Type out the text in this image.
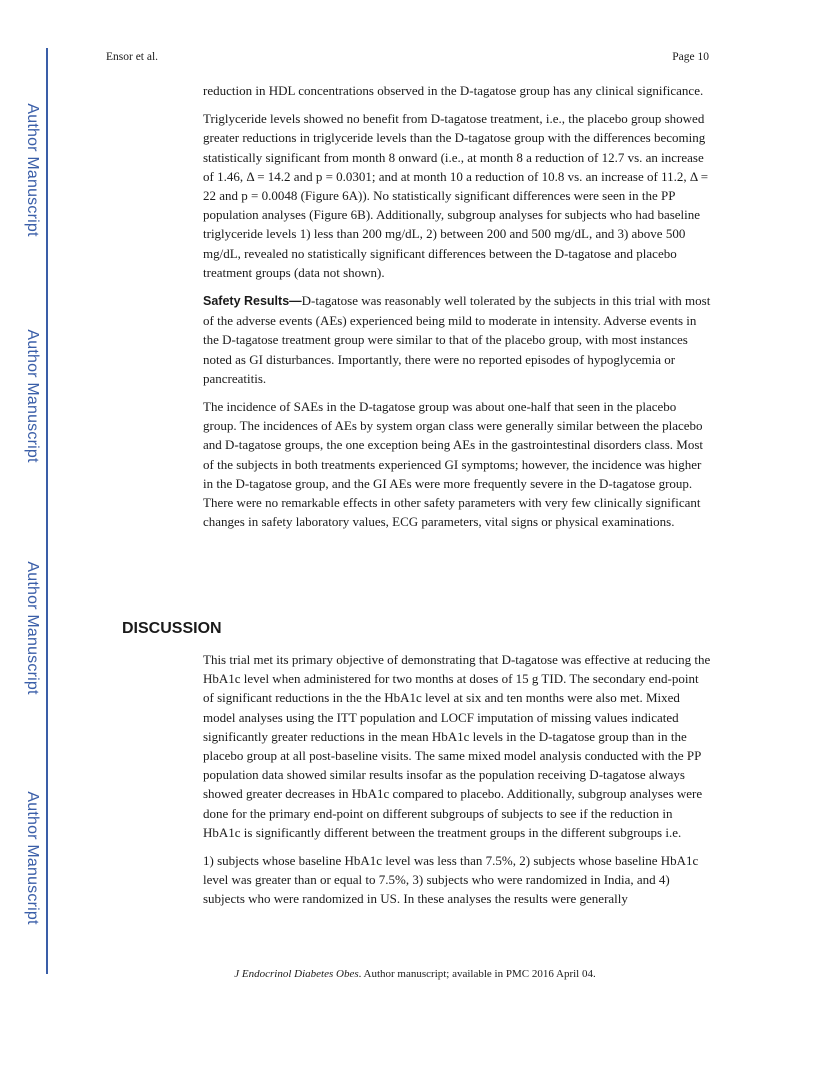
Ensor et al.	Page 10
Author Manuscript
Author Manuscript
Author Manuscript
Author Manuscript

reduction in HDL concentrations observed in the D-tagatose group has any clinical significance.

Triglyceride levels showed no benefit from D-tagatose treatment, i.e., the placebo group showed greater reductions in triglyceride levels than the D-tagatose group with the differences becoming statistically significant from month 8 onward (i.e., at month 8 a reduction of 12.7 vs. an increase of 1.46, Δ = 14.2 and p = 0.0301; and at month 10 a reduction of 10.8 vs. an increase of 11.2, Δ = 22 and p = 0.0048 (Figure 6A)). No statistically significant differences were seen in the PP population analyses (Figure 6B). Additionally, subgroup analyses for subjects who had baseline triglyceride levels 1) less than 200 mg/dL, 2) between 200 and 500 mg/dL, and 3) above 500 mg/dL, revealed no statistically significant differences between the D-tagatose and placebo treatment groups (data not shown).

Safety Results—D-tagatose was reasonably well tolerated by the subjects in this trial with most of the adverse events (AEs) experienced being mild to moderate in intensity. Adverse events in the D-tagatose treatment group were similar to that of the placebo group, with most instances noted as GI disturbances. Importantly, there were no reported episodes of hypoglycemia or pancreatitis.

The incidence of SAEs in the D-tagatose group was about one-half that seen in the placebo group. The incidences of AEs by system organ class were generally similar between the placebo and D-tagatose groups, the one exception being AEs in the gastrointestinal disorders class. Most of the subjects in both treatments experienced GI symptoms; however, the incidence was higher in the D-tagatose group, and the GI AEs were more frequently severe in the D-tagatose group. There were no remarkable effects in other safety parameters with very few clinically significant changes in safety laboratory values, ECG parameters, vital signs or physical examinations.

DISCUSSION

This trial met its primary objective of demonstrating that D-tagatose was effective at reducing the HbA1c level when administered for two months at doses of 15 g TID. The secondary end-point of significant reductions in the the HbA1c level at six and ten months were also met. Mixed model analyses using the ITT population and LOCF imputation of missing values indicated significantly greater reductions in the mean HbA1c levels in the D-tagatose group than in the placebo group at all post-baseline visits. The same mixed model analysis conducted with the PP population data showed similar results insofar as the population receiving D-tagatose always showed greater decreases in HbA1c compared to placebo. Additionally, subgroup analyses were done for the primary end-point on different subgroups of subjects to see if the reduction in HbA1c is significantly different between the treatment groups in the different subgroups i.e.

1) subjects whose baseline HbA1c level was less than 7.5%, 2) subjects whose baseline HbA1c level was greater than or equal to 7.5%, 3) subjects who were randomized in India, and 4) subjects who were randomized in US. In these analyses the results were generally

J Endocrinol Diabetes Obes. Author manuscript; available in PMC 2016 April 04.
